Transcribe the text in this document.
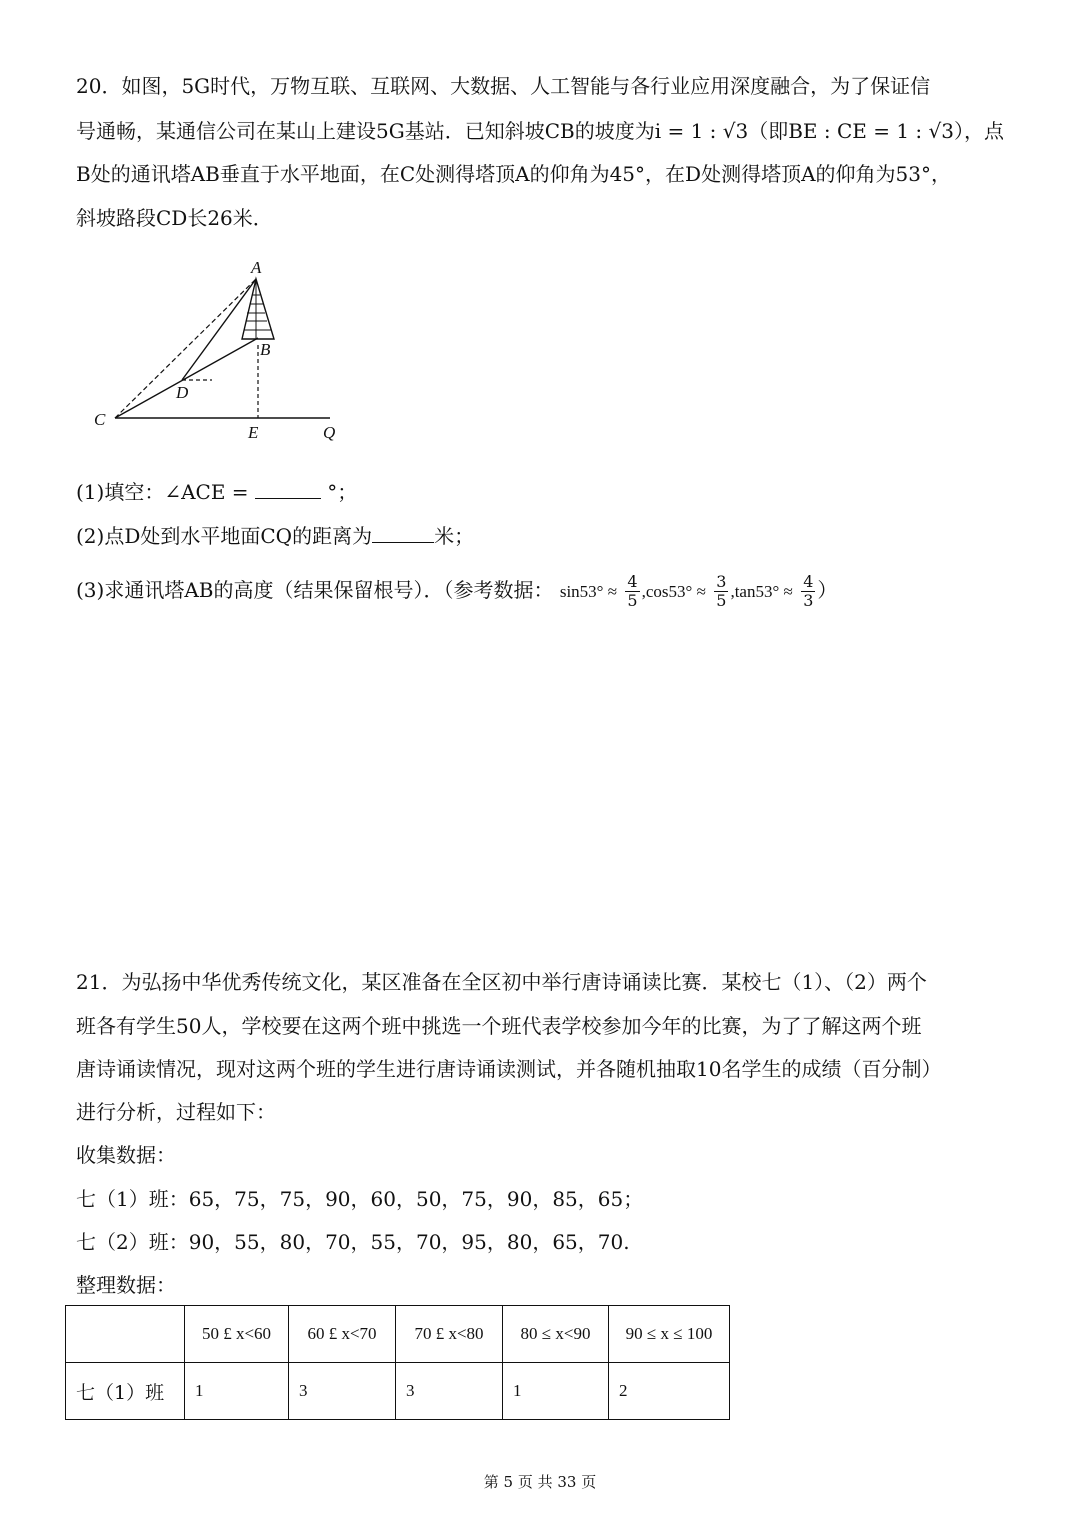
20．如图，5G时代，万物互联、互联网、大数据、人工智能与各行业应用深度融合，为了保证信
号通畅，某通信公司在某山上建设5G基站．已知斜坡CB的坡度为i = 1 : √3（即BE : CE = 1 : √3），点
B处的通讯塔AB垂直于水平地面，在C处测得塔顶A的仰角为45°，在D处测得塔顶A的仰角为53°，
斜坡路段CD长26米．
A
B
C
D
E	Q
(1)填空：∠ACE =	°；
(2)点D处到水平地面CQ的距离为	米；
(3)求通讯塔AB的高度（结果保留根号）．（参考数据： $\sin 53^\circ \approx \frac{4}{5} ,\cos 53^\circ \approx \frac{3}{5} ,\tan 53^\circ \approx \frac{4}{3}$ ）
21．为弘扬中华优秀传统文化，某区准备在全区初中举行唐诗诵读比赛．某校七（1）、（2）两个
班各有学生50人，学校要在这两个班中挑选一个班代表学校参加今年的比赛，为了了解这两个班
唐诗诵读情况，现对这两个班的学生进行唐诗诵读测试，并各随机抽取10名学生的成绩（百分制）
进行分析，过程如下：
收集数据：
七（1）班：65，75，75，90，60，50，75，90，85，65；
七（2）班：90，55，80，70，55，70，95，80，65，70.
整理数据：
	50 £ x<60	60 £ x<70	70 £ x<80	80 ≤ x<90	90 ≤ x ≤ 100
七（1）班	1	3	3	1	2
第 5 页 共 33 页
